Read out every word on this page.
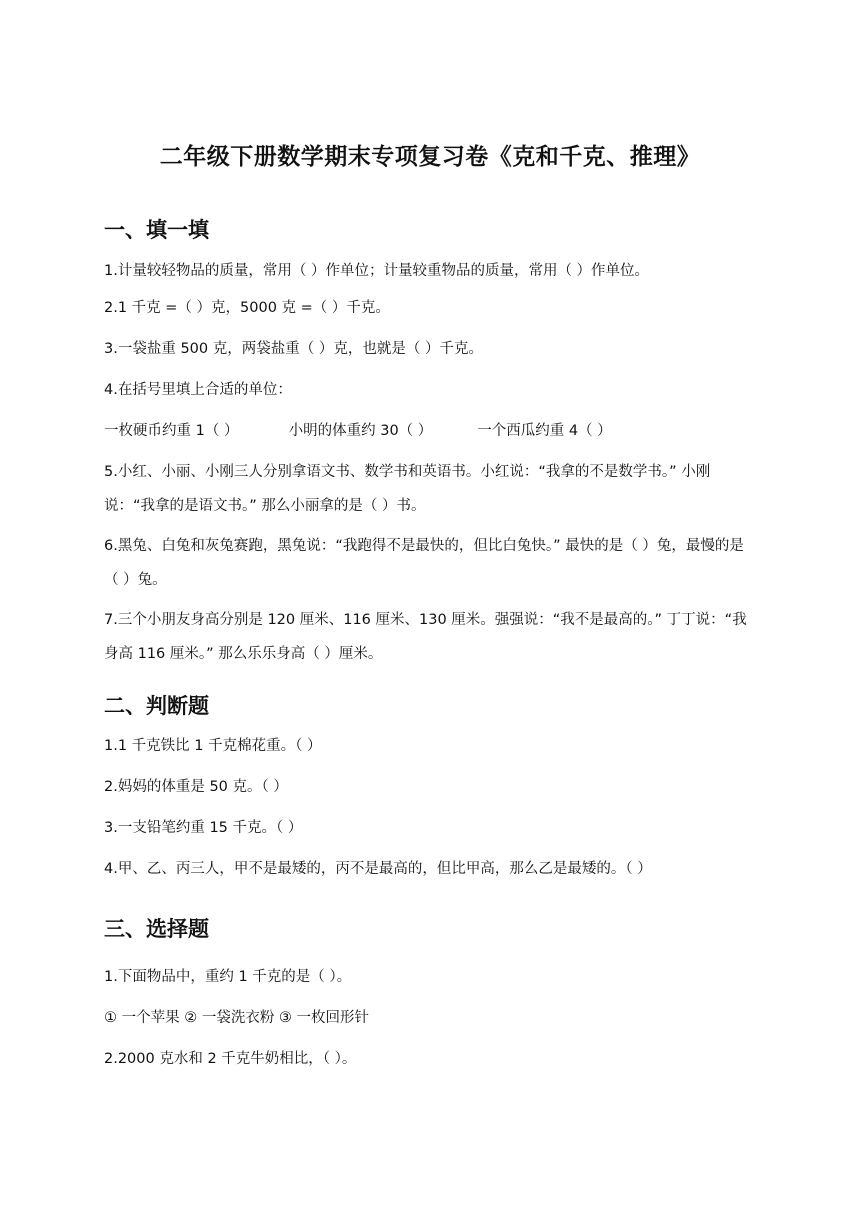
二年级下册数学期末专项复习卷《克和千克、推理》
一、填一填
1.计量较轻物品的质量，常用（ ）作单位；计量较重物品的质量，常用（ ）作单位。
2.1 千克 =（ ）克，5000 克 =（ ）千克。
3.一袋盐重 500 克，两袋盐重（ ）克，也就是（ ）千克。
4.在括号里填上合适的单位：
一枚硬币约重 1（ ）	小明的体重约 30（ ）	一个西瓜约重 4（ ）
5.小红、小丽、小刚三人分别拿语文书、数学书和英语书。小红说：“我拿的不是数学书。” 小刚说：“我拿的是语文书。” 那么小丽拿的是（ ）书。
6.黑兔、白兔和灰兔赛跑，黑兔说：“我跑得不是最快的，但比白兔快。” 最快的是（ ）兔，最慢的是（ ）兔。
7.三个小朋友身高分别是 120 厘米、116 厘米、130 厘米。强强说：“我不是最高的。” 丁丁说：“我身高 116 厘米。” 那么乐乐身高（ ）厘米。
二、判断题
1.1 千克铁比 1 千克棉花重。（ ）
2.妈妈的体重是 50 克。（ ）
3.一支铅笔约重 15 千克。（ ）
4.甲、乙、丙三人，甲不是最矮的，丙不是最高的，但比甲高，那么乙是最矮的。（ ）
三、选择题
1.下面物品中，重约 1 千克的是（ ）。
① 一个苹果 ② 一袋洗衣粉 ③ 一枚回形针
2.2000 克水和 2 千克牛奶相比，（ ）。
